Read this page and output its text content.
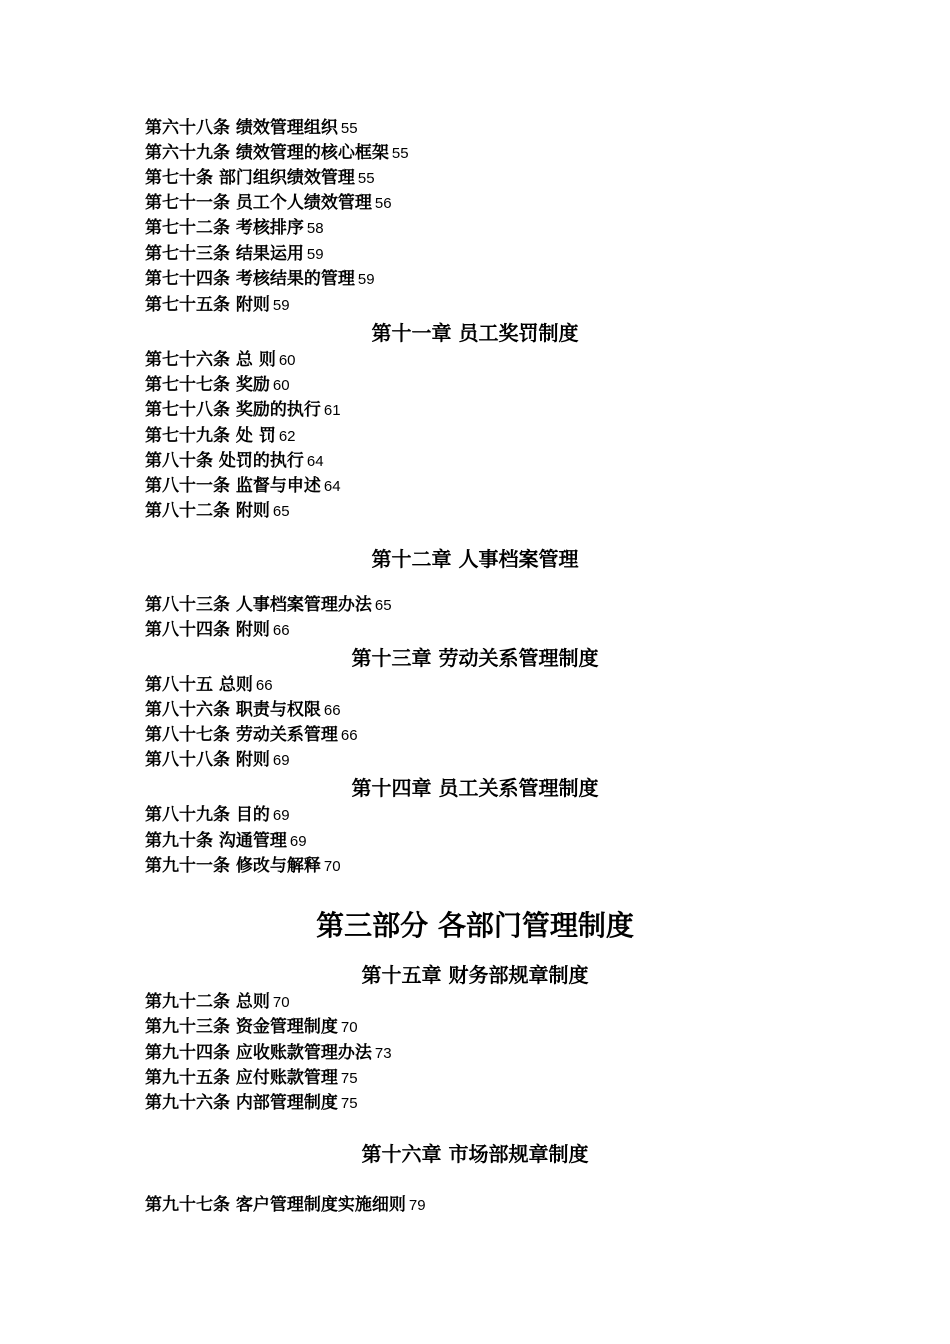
第六十八条 绩效管理组织 55
第六十九条 绩效管理的核心框架 55
第七十条 部门组织绩效管理 55
第七十一条 员工个人绩效管理 56
第七十二条 考核排序 58
第七十三条 结果运用 59
第七十四条 考核结果的管理 59
第七十五条 附则 59
第十一章 员工奖罚制度
第七十六条 总 则 60
第七十七条 奖励 60
第七十八条 奖励的执行 61
第七十九条 处 罚 62
第八十条 处罚的执行 64
第八十一条 监督与申述 64
第八十二条 附则 65
第十二章 人事档案管理
第八十三条 人事档案管理办法 65
第八十四条 附则 66
第十三章 劳动关系管理制度
第八十五 总则 66
第八十六条 职责与权限 66
第八十七条 劳动关系管理 66
第八十八条 附则 69
第十四章 员工关系管理制度
第八十九条 目的 69
第九十条 沟通管理 69
第九十一条 修改与解释 70
第三部分 各部门管理制度
第十五章 财务部规章制度
第九十二条 总则 70
第九十三条 资金管理制度 70
第九十四条 应收账款管理办法 73
第九十五条 应付账款管理 75
第九十六条 内部管理制度 75
第十六章 市场部规章制度
第九十七条 客户管理制度实施细则 79
